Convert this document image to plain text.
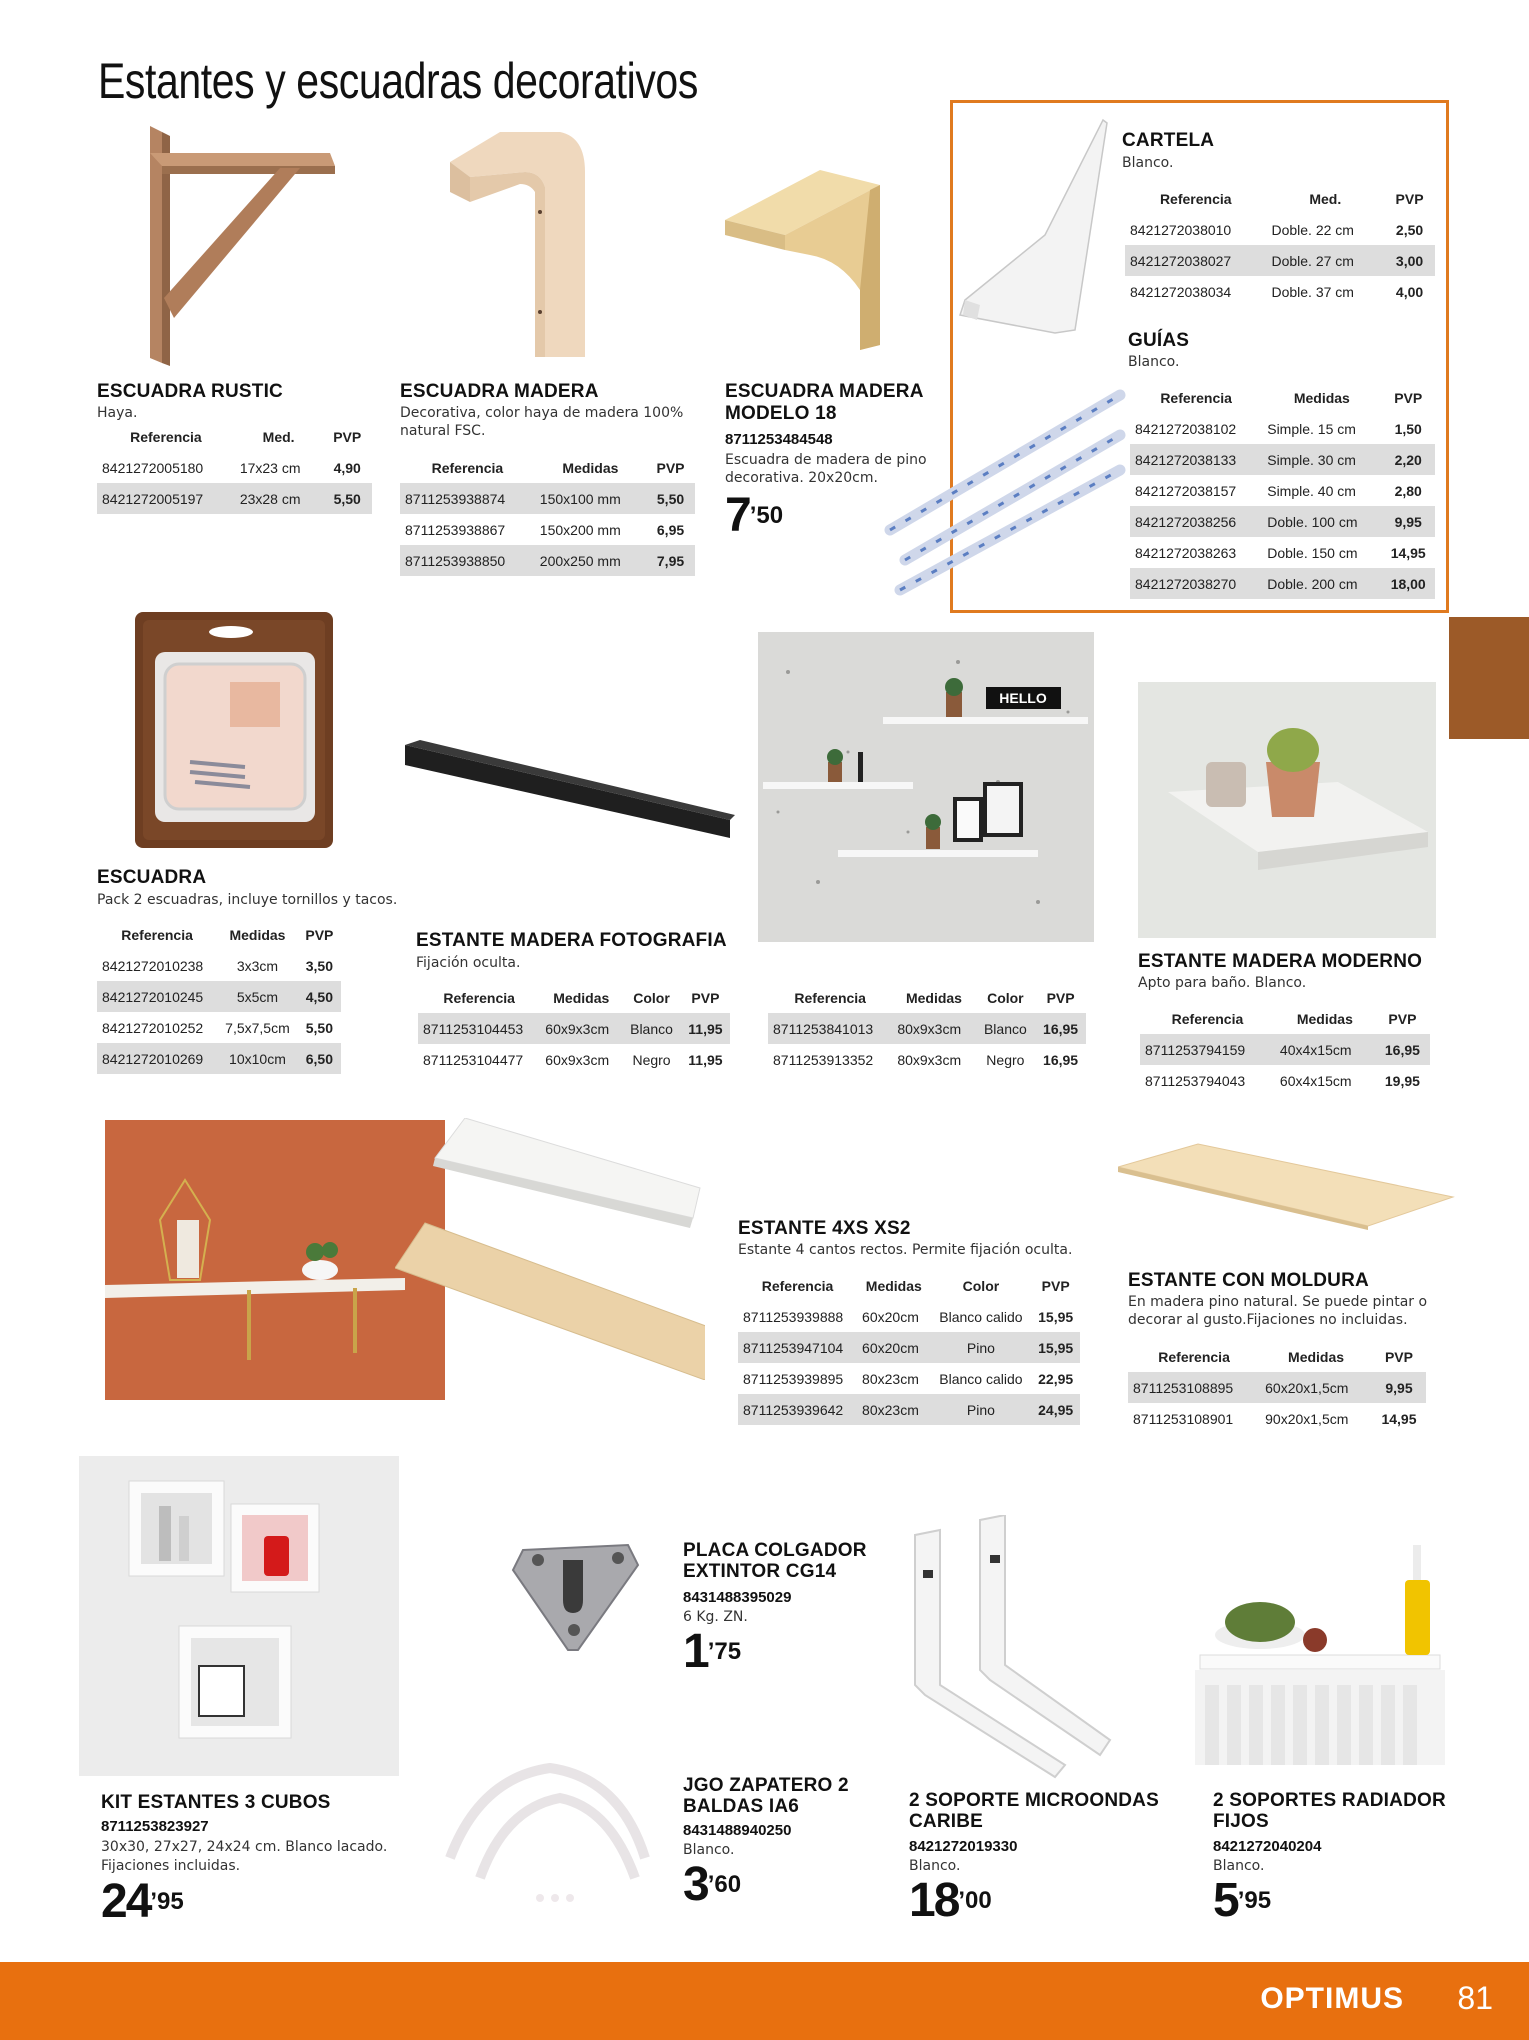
Estantes y escuadras decorativos
ESCUADRA RUSTIC
Haya.
Referencia	Med.	PVP
8421272005180	17x23 cm	4,90
8421272005197	23x28 cm	5,50
ESCUADRA MADERA
Decorativa, color haya de madera 100% natural FSC.
Referencia	Medidas	PVP
8711253938874	150x100 mm	5,50
8711253938867	150x200 mm	6,95
8711253938850	200x250 mm	7,95
ESCUADRA MADERA
MODELO 18
8711253484548
Escuadra de madera de pino decorativa. 20x20cm.
$7^{’50}$
CARTELA
Blanco.
Referencia	Med.	PVP
8421272038010	Doble. 22 cm	2,50
8421272038027	Doble. 27 cm	3,00
8421272038034	Doble. 37 cm	4,00
GUÍAS
Blanco.
Referencia	Medidas	PVP
8421272038102	Simple. 15 cm	1,50
8421272038133	Simple. 30 cm	2,20
8421272038157	Simple. 40 cm	2,80
8421272038256	Doble. 100 cm	9,95
8421272038263	Doble. 150 cm	14,95
8421272038270	Doble. 200 cm	18,00
ESCUADRA
Pack 2 escuadras, incluye tornillos y tacos.
Referencia	Medidas	PVP
8421272010238	3x3cm	3,50
8421272010245	5x5cm	4,50
8421272010252	7,5x7,5cm	5,50
8421272010269	10x10cm	6,50
HELLO
ESTANTE MADERA FOTOGRAFIA
Fijación oculta.
Referencia	Medidas	Color	PVP
8711253104453	60x9x3cm	Blanco	11,95
8711253104477	60x9x3cm	Negro	11,95
Referencia	Medidas	Color	PVP
8711253841013	80x9x3cm	Blanco	16,95
8711253913352	80x9x3cm	Negro	16,95
ESTANTE MADERA MODERNO
Apto para baño. Blanco.
Referencia	Medidas	PVP
8711253794159	40x4x15cm	16,95
8711253794043	60x4x15cm	19,95
ESTANTE 4XS XS2
Estante 4 cantos rectos. Permite fijación oculta.
Referencia	Medidas	Color	PVP
8711253939888	60x20cm	Blanco calido	15,95
8711253947104	60x20cm	Pino	15,95
8711253939895	80x23cm	Blanco calido	22,95
8711253939642	80x23cm	Pino	24,95
ESTANTE CON MOLDURA
En madera pino natural. Se puede pintar o decorar al gusto.Fijaciones no incluidas.
Referencia	Medidas	PVP
8711253108895	60x20x1,5cm	9,95
8711253108901	90x20x1,5cm	14,95
KIT ESTANTES 3 CUBOS
8711253823927
30x30, 27x27, 24x24 cm. Blanco lacado.
Fijaciones incluidas.
$24^{’95}$
PLACA COLGADOR
EXTINTOR CG14
8431488395029
6 Kg. ZN.
$1^{’75}$
JGO ZAPATERO 2
BALDAS IA6
8431488940250
Blanco.
$3^{’60}$
2 SOPORTE MICROONDAS
CARIBE
8421272019330
Blanco.
$18^{’00}$
2 SOPORTES RADIADOR
FIJOS
8421272040204
Blanco.
$5^{’95}$
OPTIMUS 81
